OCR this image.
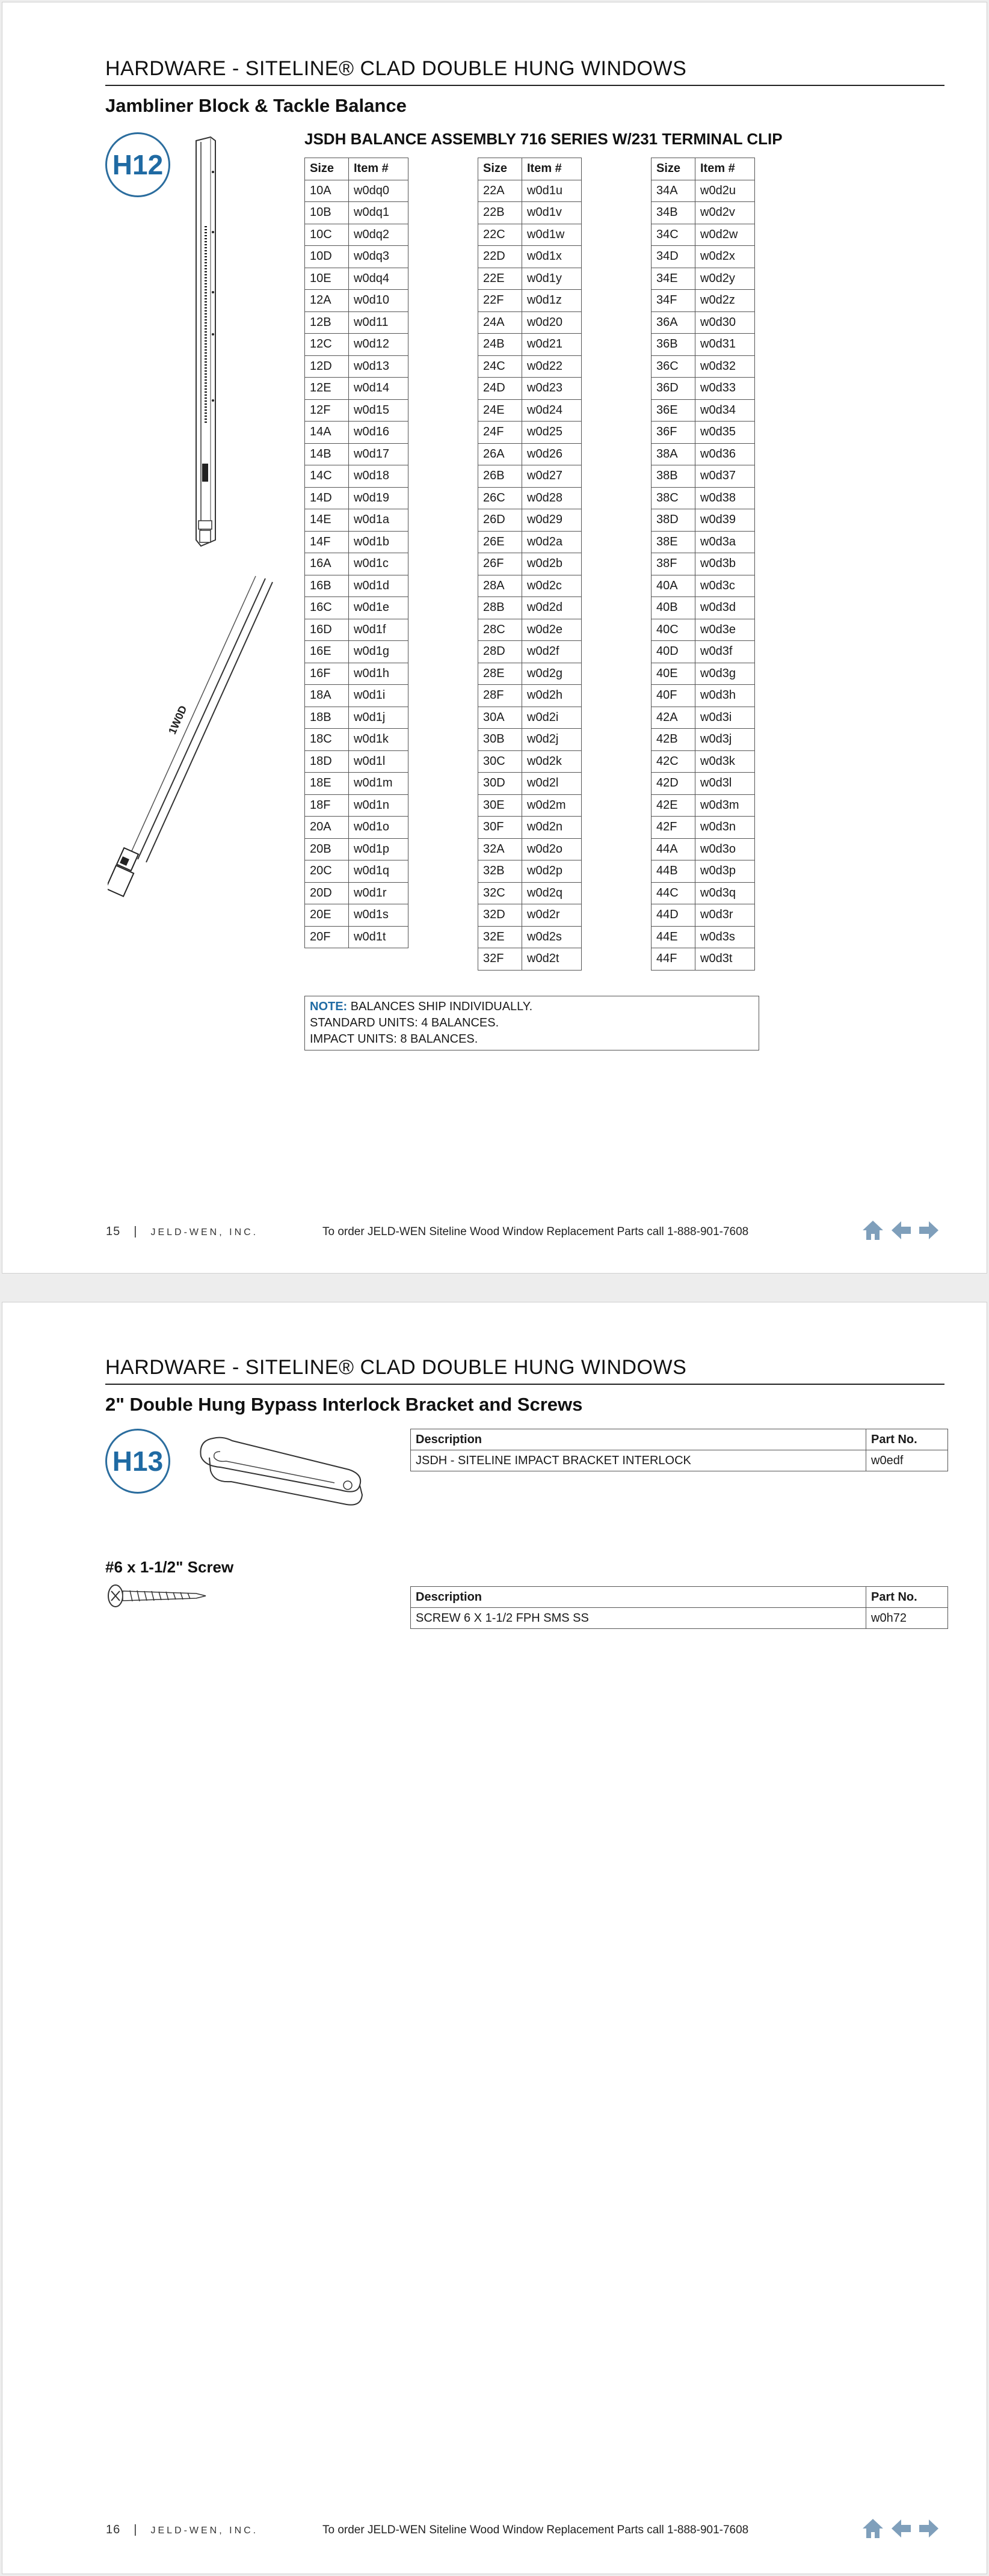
HARDWARE - SITELINE® CLAD DOUBLE HUNG WINDOWS
Jambliner Block & Tackle Balance
H12
1W0D
JSDH BALANCE ASSEMBLY 716 SERIES W/231 TERMINAL CLIP
Size	Item #
10A	w0dq0
10B	w0dq1
10C	w0dq2
10D	w0dq3
10E	w0dq4
12A	w0d10
12B	w0d11
12C	w0d12
12D	w0d13
12E	w0d14
12F	w0d15
14A	w0d16
14B	w0d17
14C	w0d18
14D	w0d19
14E	w0d1a
14F	w0d1b
16A	w0d1c
16B	w0d1d
16C	w0d1e
16D	w0d1f
16E	w0d1g
16F	w0d1h
18A	w0d1i
18B	w0d1j
18C	w0d1k
18D	w0d1l
18E	w0d1m
18F	w0d1n
20A	w0d1o
20B	w0d1p
20C	w0d1q
20D	w0d1r
20E	w0d1s
20F	w0d1t
Size	Item #
22A	w0d1u
22B	w0d1v
22C	w0d1w
22D	w0d1x
22E	w0d1y
22F	w0d1z
24A	w0d20
24B	w0d21
24C	w0d22
24D	w0d23
24E	w0d24
24F	w0d25
26A	w0d26
26B	w0d27
26C	w0d28
26D	w0d29
26E	w0d2a
26F	w0d2b
28A	w0d2c
28B	w0d2d
28C	w0d2e
28D	w0d2f
28E	w0d2g
28F	w0d2h
30A	w0d2i
30B	w0d2j
30C	w0d2k
30D	w0d2l
30E	w0d2m
30F	w0d2n
32A	w0d2o
32B	w0d2p
32C	w0d2q
32D	w0d2r
32E	w0d2s
32F	w0d2t
Size	Item #
34A	w0d2u
34B	w0d2v
34C	w0d2w
34D	w0d2x
34E	w0d2y
34F	w0d2z
36A	w0d30
36B	w0d31
36C	w0d32
36D	w0d33
36E	w0d34
36F	w0d35
38A	w0d36
38B	w0d37
38C	w0d38
38D	w0d39
38E	w0d3a
38F	w0d3b
40A	w0d3c
40B	w0d3d
40C	w0d3e
40D	w0d3f
40E	w0d3g
40F	w0d3h
42A	w0d3i
42B	w0d3j
42C	w0d3k
42D	w0d3l
42E	w0d3m
42F	w0d3n
44A	w0d3o
44B	w0d3p
44C	w0d3q
44D	w0d3r
44E	w0d3s
44F	w0d3t
NOTE: BALANCES SHIP INDIVIDUALLY.
STANDARD UNITS: 4 BALANCES.
IMPACT UNITS: 8 BALANCES.
15 | JELD-WEN, INC.	To order JELD-WEN Siteline Wood Window Replacement Parts call 1-888-901-7608
HARDWARE - SITELINE® CLAD DOUBLE HUNG WINDOWS
2" Double Hung Bypass Interlock Bracket and Screws
H13
Description	Part No.
JSDH - SITELINE IMPACT BRACKET INTERLOCK	w0edf
#6 x 1-1/2" Screw
Description	Part No.
SCREW 6 X 1-1/2 FPH SMS SS	w0h72
16 | JELD-WEN, INC.	To order JELD-WEN Siteline Wood Window Replacement Parts call 1-888-901-7608
